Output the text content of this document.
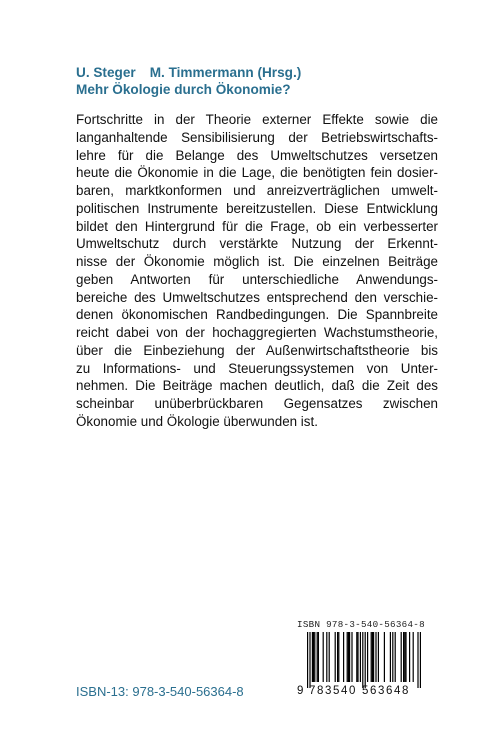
U. Steger M. Timmermann (Hrsg.)
Mehr Ökologie durch Ökonomie?
Fortschritte in der Theorie externer Effekte sowie die
langanhaltende Sensibilisierung der Betriebswirtschafts-
lehre für die Belange des Umweltschutzes versetzen
heute die Ökonomie in die Lage, die benötigten fein dosier-
baren, marktkonformen und anreizverträglichen umwelt-
politischen Instrumente bereitzustellen. Diese Entwicklung
bildet den Hintergrund für die Frage, ob ein verbesserter
Umweltschutz durch verstärkte Nutzung der Erkennt-
nisse der Ökonomie möglich ist. Die einzelnen Beiträge
geben Antworten für unterschiedliche Anwendungs-
bereiche des Umweltschutzes entsprechend den verschie-
denen ökonomischen Randbedingungen. Die Spannbreite
reicht dabei von der hochaggregierten Wachstumstheorie,
über die Einbeziehung der Außenwirtschaftstheorie bis
zu Informations- und Steuerungssystemen von Unter-
nehmen. Die Beiträge machen deutlich, daß die Zeit des
scheinbar unüberbrückbaren Gegensatzes zwischen
Ökonomie und Ökologie überwunden ist.
ISBN-13: 978-3-540-56364-8
ISBN 978-3-540-56364-8
9 783540 563648
